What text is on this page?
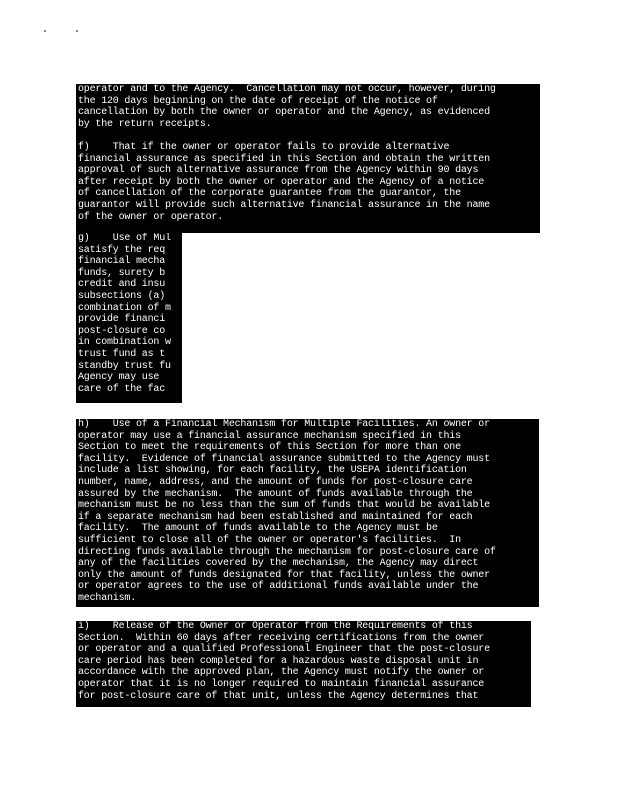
operator and to the Agency.  Cancellation may not occur, however, during
the 120 days beginning on the date of receipt of the notice of
cancellation by both the owner or operator and the Agency, as evidenced
by the return receipts.
f)    That if the owner or operator fails to provide alternative
financial assurance as specified in this Section and obtain the written
approval of such alternative assurance from the Agency within 90 days
after receipt by both the owner or operator and the Agency of a notice
of cancellation of the corporate guarantee from the guarantor, the
guarantor will provide such alternative financial assurance in the name
of the owner or operator.
g)    Use of Mul
satisfy the req
financial mecha
funds, surety b
credit and insu
subsections (a)
combination of m
provide financi
post-closure co
in combination w
trust fund as t
standby trust fu
Agency may use
care of the fac
h)    Use of a Financial Mechanism for Multiple Facilities. An owner or
operator may use a financial assurance mechanism specified in this
Section to meet the requirements of this Section for more than one
facility.  Evidence of financial assurance submitted to the Agency must
include a list showing, for each facility, the USEPA identification
number, name, address, and the amount of funds for post-closure care
assured by the mechanism.  The amount of funds available through the
mechanism must be no less than the sum of funds that would be available
if a separate mechanism had been established and maintained for each
facility.  The amount of funds available to the Agency must be
sufficient to close all of the owner or operator's facilities.  In
directing funds available through the mechanism for post-closure care of
any of the facilities covered by the mechanism, the Agency may direct
only the amount of funds designated for that facility, unless the owner
or operator agrees to the use of additional funds available under the
mechanism.
i)    Release of the Owner or Operator from the Requirements of this
Section.  Within 60 days after receiving certifications from the owner
or operator and a qualified Professional Engineer that the post-closure
care period has been completed for a hazardous waste disposal unit in
accordance with the approved plan, the Agency must notify the owner or
operator that it is no longer required to maintain financial assurance
for post-closure care of that unit, unless the Agency determines that
